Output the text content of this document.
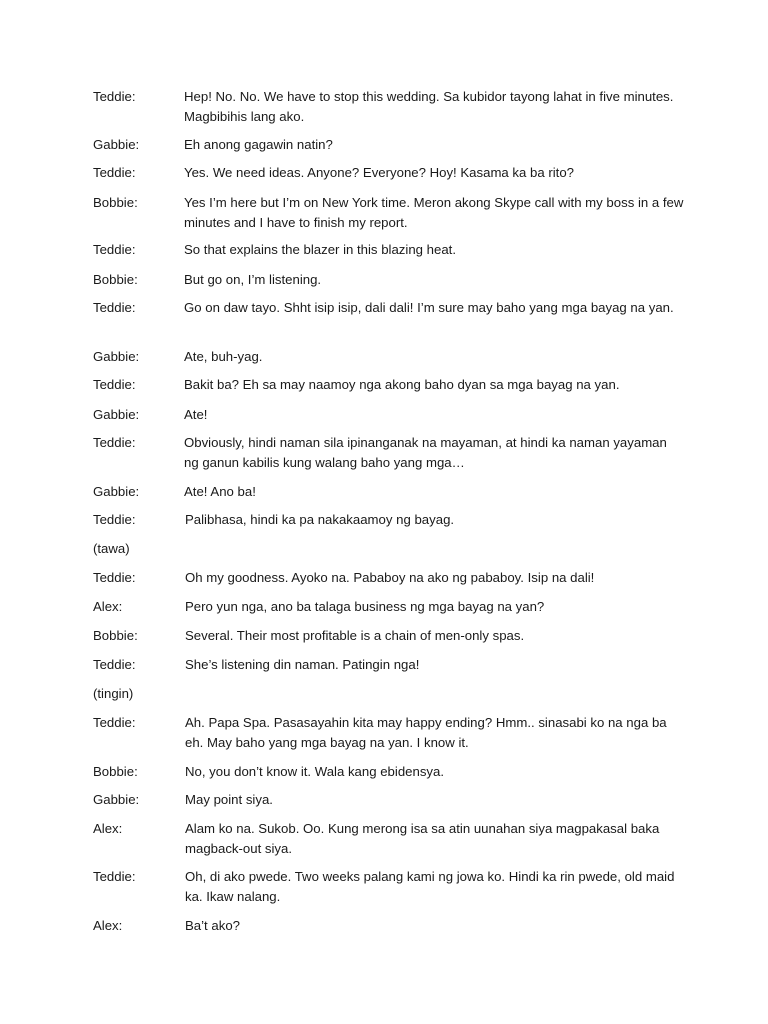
Teddie:	Hep! No. No. We have to stop this wedding. Sa kubidor tayong lahat in five minutes. Magbibihis lang ako.
Gabbie:	Eh anong gagawin natin?
Teddie:	Yes. We need ideas. Anyone? Everyone? Hoy! Kasama ka ba rito?
Bobbie:	Yes I’m here but I’m on New York time. Meron akong Skype call with my boss in a few minutes and I have to finish my report.
Teddie:	So that explains the blazer in this blazing heat.
Bobbie:	But go on, I’m listening.
Teddie:	Go on daw tayo. Shht isip isip, dali dali! I’m sure may baho yang mga bayag na yan.
Gabbie:	Ate, buh-yag.
Teddie:	Bakit ba? Eh sa may naamoy nga akong baho dyan sa mga bayag na yan.
Gabbie:	Ate!
Teddie:	Obviously, hindi naman sila ipinanganak na mayaman, at hindi ka naman yayaman ng ganun kabilis kung walang baho yang mga…
Gabbie:	Ate! Ano ba!
Teddie:	Palibhasa, hindi ka pa nakakaamoy ng bayag.
(tawa)
Teddie:	Oh my goodness. Ayoko na. Pababoy na ako ng pababoy. Isip na dali!
Alex:	Pero yun nga, ano ba talaga business ng mga bayag na yan?
Bobbie:	Several. Their most profitable is a chain of men-only spas.
Teddie:	She’s listening din naman. Patingin nga!
(tingin)
Teddie:	Ah. Papa Spa. Pasasayahin kita may happy ending? Hmm.. sinasabi ko na nga ba eh. May baho yang mga bayag na yan. I know it.
Bobbie:	No, you don’t know it. Wala kang ebidensya.
Gabbie:	May point siya.
Alex:	Alam ko na. Sukob. Oo. Kung merong isa sa atin uunahan siya magpakasal baka magback-out siya.
Teddie:	Oh, di ako pwede. Two weeks palang kami ng jowa ko. Hindi ka rin pwede, old maid ka. Ikaw nalang.
Alex:	Ba’t ako?
